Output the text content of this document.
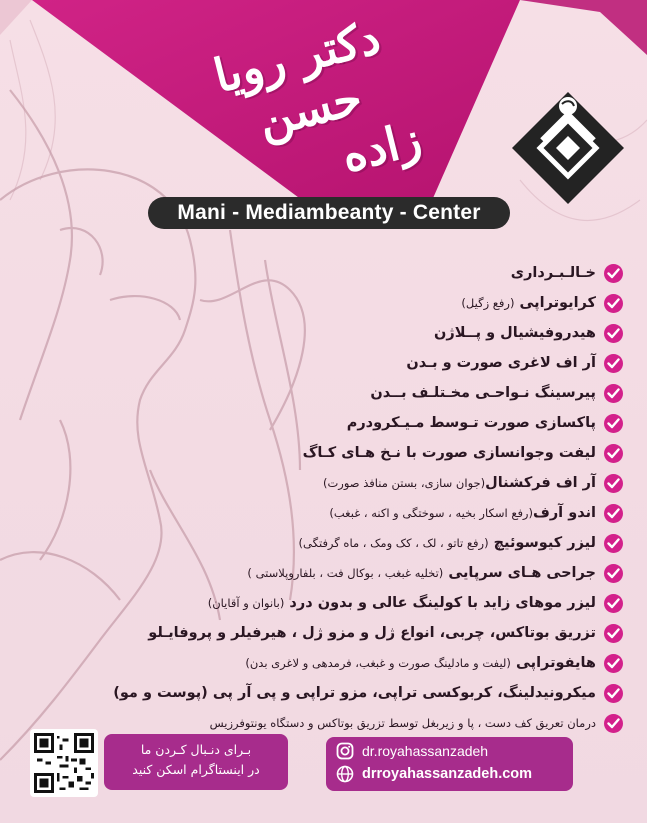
دکتر رویا حسن
زاده
Mani - Mediambeanty - Center
خـالـبـرداری
کرایوتراپی (رفع زگیل)
هیدروفیشیال و پــلاژن
آر اف لاغری صورت و بـدن
پیرسینگ نـواحـی مخـتلـف بــدن
پاکسازی صورت تـوسط مـیـکرودرم
لیفت وجوانسازی صورت با نـخ هـای کـاگ
آر اف فرکشنال(جوان سازی، بستن منافذ صورت)
اندو آرف(رفع اسکار بخیه ، سوختگی و اکنه ، غبغب)
لیزر کیوسوئیچ (رفع تاتو ، لک ، کک ومک ، ماه گرفتگی)
جراحی هـای سرپایی (تخلیه غبغب ، بوکال فت ، بلفاروپلاستی )
لیزر موهای زاید با کولینگ عالی و بدون درد (بانوان و آقایان)
تزریق بوتاکس، چربی، انواع ژل و مزو ژل ، هیرفیلر و پروفایـلو
هایفوتراپی (لیفت و مادلینگ صورت و غبغب، فرمدهی و لاغری بدن)
میکرونیدلینگ، کربوکسی تراپی، مزو تراپی و پی آر پی (پوست و مو)
درمان تعریق کف دست ، پا و زیربغل توسط تزریق بوتاکس و دستگاه یونتوفرزیس
بـرای دنـبال کـردن ما
در اینستاگرام اسکن کنید
dr.royahassanzadeh
drroyahassanzadeh.com
